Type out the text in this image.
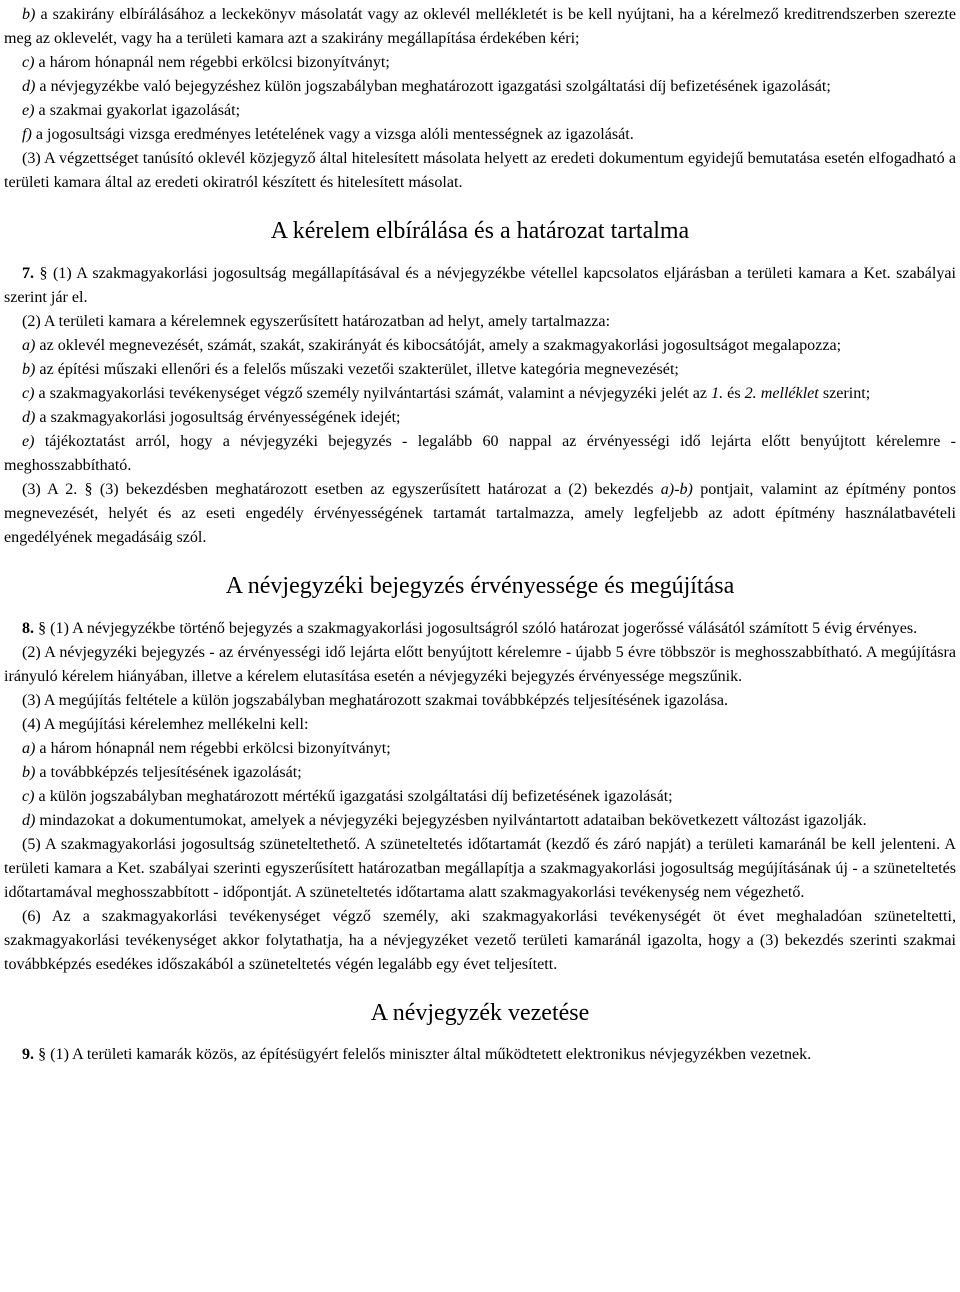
b) a szakirány elbírálásához a leckekönyv másolatát vagy az oklevél mellékletét is be kell nyújtani, ha a kérelmező kreditrendszerben szerezte meg az oklevelét, vagy ha a területi kamara azt a szakirány megállapítása érdekében kéri;

c) a három hónapnál nem régebbi erkölcsi bizonyítványt;

d) a névjegyzékbe való bejegyzéshez külön jogszabályban meghatározott igazgatási szolgáltatási díj befizetésének igazolását;

e) a szakmai gyakorlat igazolását;

f) a jogosultsági vizsga eredményes letételének vagy a vizsga alóli mentességnek az igazolását.

(3) A végzettséget tanúsító oklevél közjegyző által hitelesített másolata helyett az eredeti dokumentum egyidejű bemutatása esetén elfogadható a területi kamara által az eredeti okiratról készített és hitelesített másolat.

A kérelem elbírálása és a határozat tartalma

7. § (1) A szakmagyakorlási jogosultság megállapításával és a névjegyzékbe vétellel kapcsolatos eljárásban a területi kamara a Ket. szabályai szerint jár el.

(2) A területi kamara a kérelemnek egyszerűsített határozatban ad helyt, amely tartalmazza:

a) az oklevél megnevezését, számát, szakát, szakirányát és kibocsátóját, amely a szakmagyakorlási jogosultságot megalapozza;

b) az építési műszaki ellenőri és a felelős műszaki vezetői szakterület, illetve kategória megnevezését;

c) a szakmagyakorlási tevékenységet végző személy nyilvántartási számát, valamint a névjegyzéki jelét az 1. és 2. melléklet szerint;

d) a szakmagyakorlási jogosultság érvényességének idejét;

e) tájékoztatást arról, hogy a névjegyzéki bejegyzés - legalább 60 nappal az érvényességi idő lejárta előtt benyújtott kérelemre - meghosszabbítható.

(3) A 2. § (3) bekezdésben meghatározott esetben az egyszerűsített határozat a (2) bekezdés a)-b) pontjait, valamint az építmény pontos megnevezését, helyét és az eseti engedély érvényességének tartamát tartalmazza, amely legfeljebb az adott építmény használatbavételi engedélyének megadásáig szól.

A névjegyzéki bejegyzés érvényessége és megújítása

8. § (1) A névjegyzékbe történő bejegyzés a szakmagyakorlási jogosultságról szóló határozat jogerőssé válásától számított 5 évig érvényes.

(2) A névjegyzéki bejegyzés - az érvényességi idő lejárta előtt benyújtott kérelemre - újabb 5 évre többször is meghosszabbítható. A megújításra irányuló kérelem hiányában, illetve a kérelem elutasítása esetén a névjegyzéki bejegyzés érvényessége megszűnik.

(3) A megújítás feltétele a külön jogszabályban meghatározott szakmai továbbképzés teljesítésének igazolása.

(4) A megújítási kérelemhez mellékelni kell:

a) a három hónapnál nem régebbi erkölcsi bizonyítványt;

b) a továbbképzés teljesítésének igazolását;

c) a külön jogszabályban meghatározott mértékű igazgatási szolgáltatási díj befizetésének igazolását;

d) mindazokat a dokumentumokat, amelyek a névjegyzéki bejegyzésben nyilvántartott adataiban bekövetkezett változást igazolják.

(5) A szakmagyakorlási jogosultság szüneteltethető. A szüneteltetés időtartamát (kezdő és záró napját) a területi kamaránál be kell jelenteni. A területi kamara a Ket. szabályai szerinti egyszerűsített határozatban megállapítja a szakmagyakorlási jogosultság megújításának új - a szüneteltetés időtartamával meghosszabbított - időpontját. A szüneteltetés időtartama alatt szakmagyakorlási tevékenység nem végezhető.

(6) Az a szakmagyakorlási tevékenységet végző személy, aki szakmagyakorlási tevékenységét öt évet meghaladóan szüneteltetti, szakmagyakorlási tevékenységet akkor folytathatja, ha a névjegyzéket vezető területi kamaránál igazolta, hogy a (3) bekezdés szerinti szakmai továbbképzés esedékes időszakából a szüneteltetés végén legalább egy évet teljesített.

A névjegyzék vezetése

9. § (1) A területi kamarák közös, az építésügyért felelős miniszter által működtetett elektronikus névjegyzékben vezetnek.
